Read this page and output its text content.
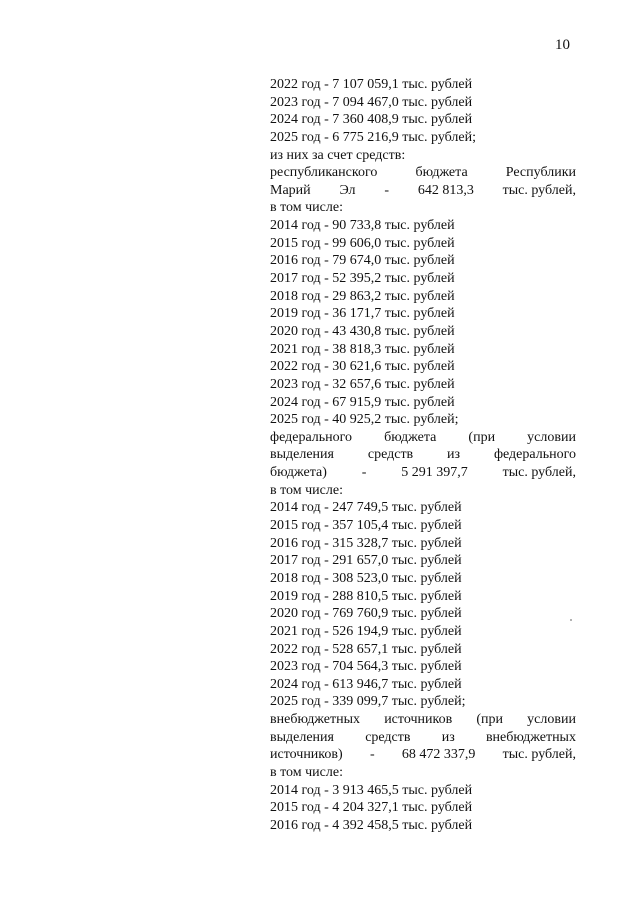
10
2022 год - 7 107 059,1 тыс. рублей
2023 год - 7 094 467,0 тыс. рублей
2024 год - 7 360 408,9 тыс. рублей
2025 год - 6 775 216,9 тыс. рублей;
из них за счет средств:
республиканского	бюджета	Республики
Марий Эл - 642 813,3 тыс. рублей,
в том числе:
2014 год - 90 733,8 тыс. рублей
2015 год - 99 606,0 тыс. рублей
2016 год - 79 674,0 тыс. рублей
2017 год - 52 395,2 тыс. рублей
2018 год - 29 863,2 тыс. рублей
2019 год - 36 171,7 тыс. рублей
2020 год - 43 430,8 тыс. рублей
2021 год - 38 818,3 тыс. рублей
2022 год - 30 621,6 тыс. рублей
2023 год - 32 657,6 тыс. рублей
2024 год - 67 915,9 тыс. рублей
2025 год - 40 925,2 тыс. рублей;
федерального бюджета (при условии
выделения средств из федерального
бюджета) - 5 291 397,7 тыс. рублей,
в том числе:
2014 год - 247 749,5 тыс. рублей
2015 год - 357 105,4 тыс. рублей
2016 год - 315 328,7 тыс. рублей
2017 год - 291 657,0 тыс. рублей
2018 год - 308 523,0 тыс. рублей
2019 год - 288 810,5 тыс. рублей
2020 год - 769 760,9 тыс. рублей
2021 год - 526 194,9 тыс. рублей
2022 год - 528 657,1 тыс. рублей
2023 год - 704 564,3 тыс. рублей
2024 год - 613 946,7 тыс. рублей
2025 год - 339 099,7 тыс. рублей;
внебюджетных источников (при условии
выделения средств из внебюджетных
источников) - 68 472 337,9 тыс. рублей,
в том числе:
2014 год - 3 913 465,5 тыс. рублей
2015 год - 4 204 327,1 тыс. рублей
2016 год - 4 392 458,5 тыс. рублей
